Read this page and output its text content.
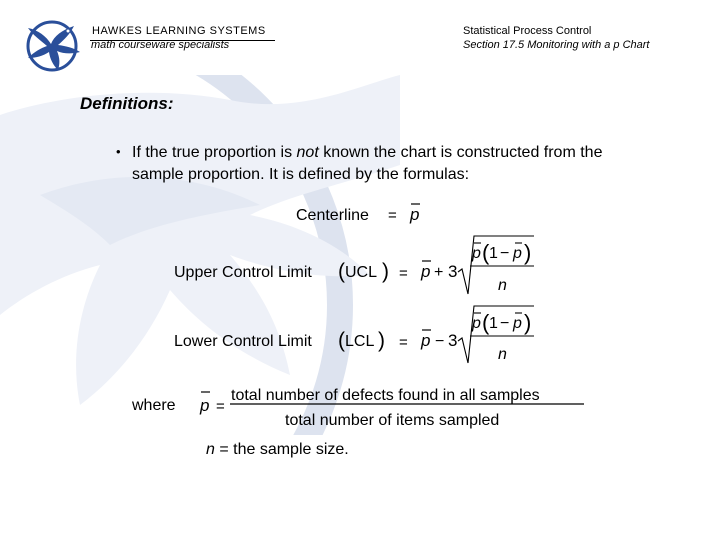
HAWKES LEARNING SYSTEMS
math courseware specialists
Statistical Process Control
Section 17.5 Monitoring with a p Chart
Definitions:
• If the true proportion is not known the chart is constructed from the sample proportion. It is defined by the formulas:
Centerline = p
Upper Control Limit ( UCL ) = p + 3
p ( 1 − p )
n
Lower Control Limit ( LCL ) = p − 3
p ( 1 − p )
n
p =
total number of defects found in all samples
total number of items sampled
where
n = the sample size.
